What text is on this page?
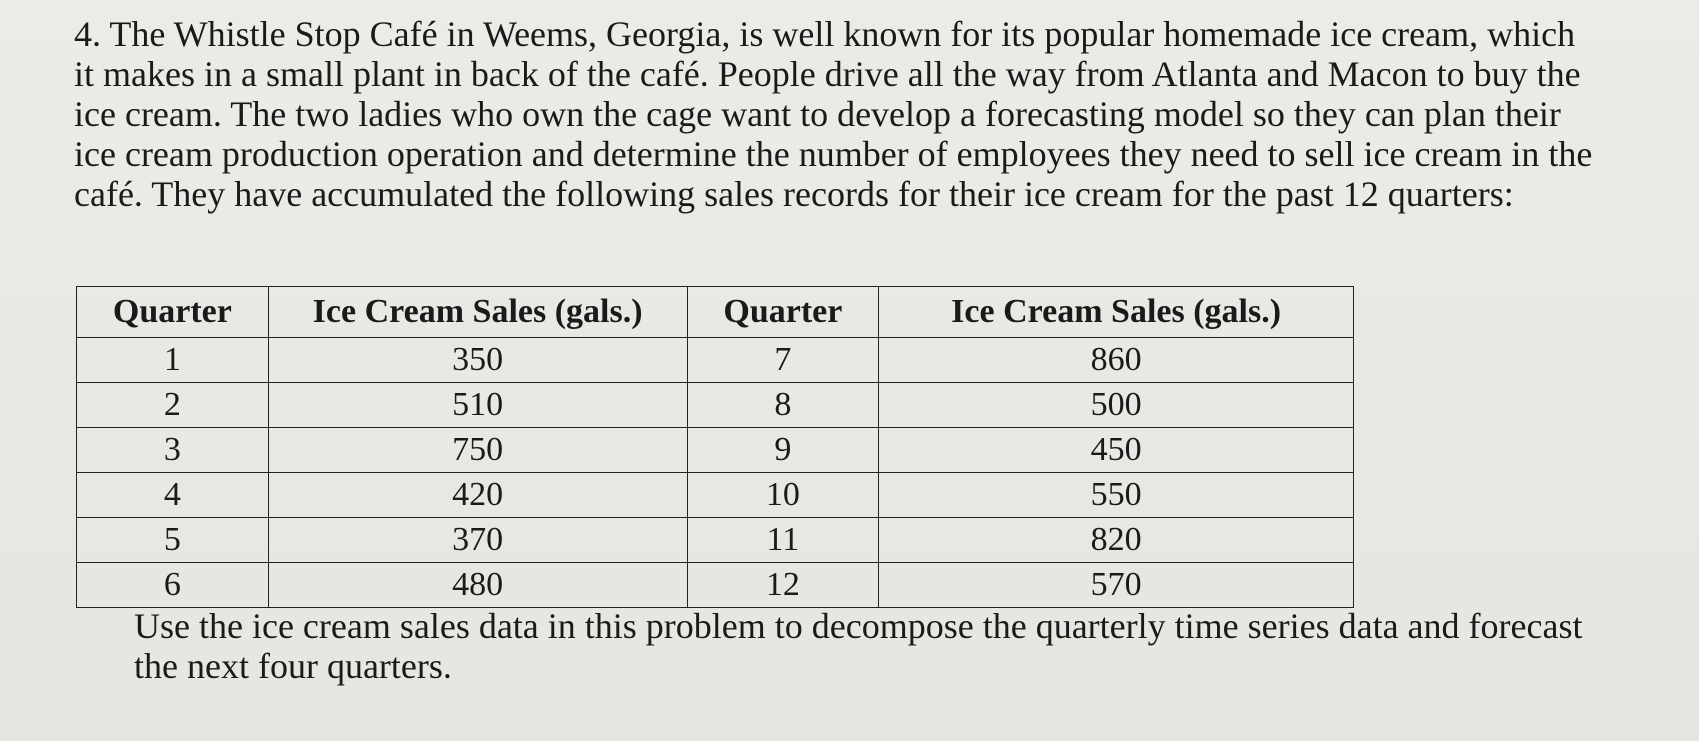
4. The Whistle Stop Café in Weems, Georgia, is well known for its popular homemade ice cream, which it makes in a small plant in back of the café. People drive all the way from Atlanta and Macon to buy the ice cream. The two ladies who own the cage want to develop a forecasting model so they can plan their ice cream production operation and determine the number of employees they need to sell ice cream in the café. They have accumulated the following sales records for their ice cream for the past 12 quarters:
Quarter	Ice Cream Sales (gals.)	Quarter	Ice Cream Sales (gals.)
1	350	7	860
2	510	8	500
3	750	9	450
4	420	10	550
5	370	11	820
6	480	12	570
Use the ice cream sales data in this problem to decompose the quarterly time series data and forecast the next four quarters.
